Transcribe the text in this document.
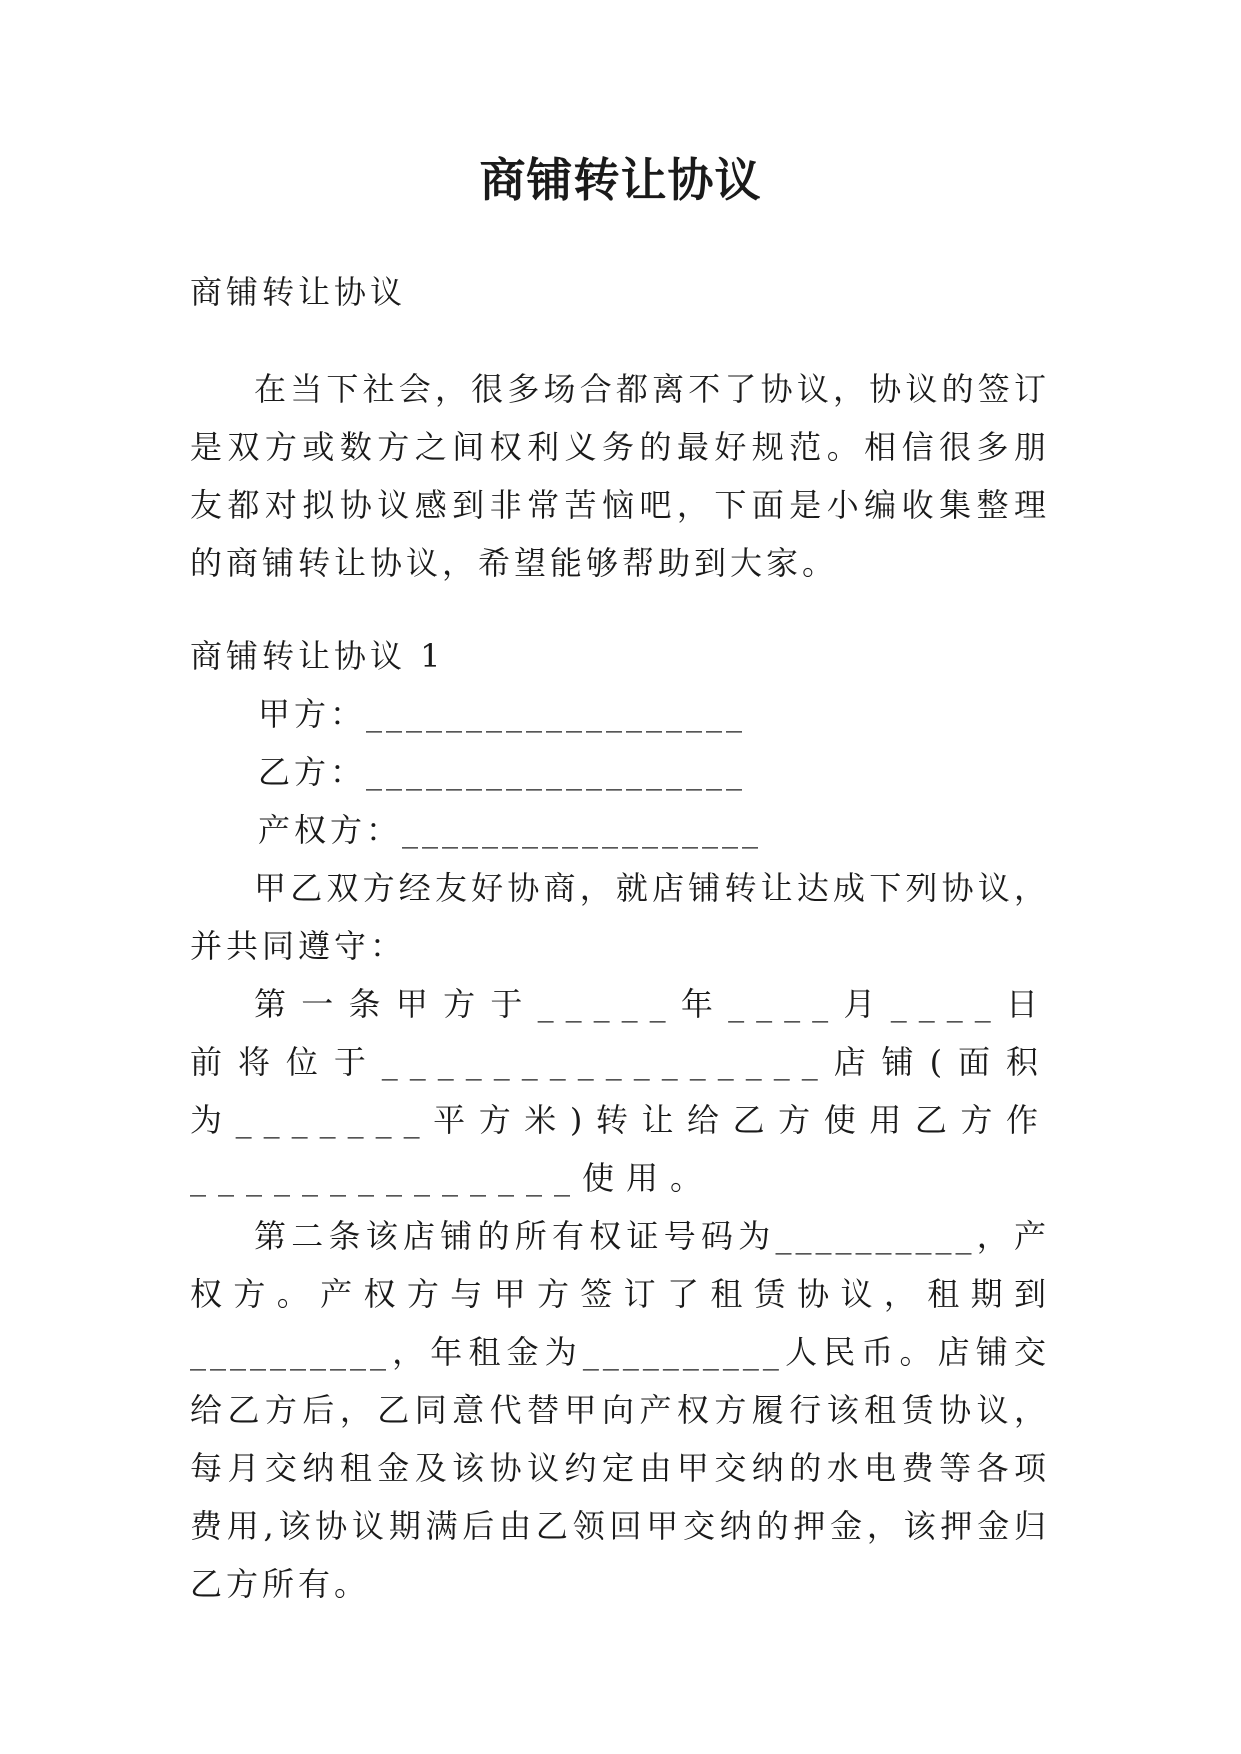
商铺转让协议

商铺转让协议

在当下社会，很多场合都离不了协议，协议的签订是双方或数方之间权利义务的最好规范。相信很多朋友都对拟协议感到非常苦恼吧，下面是小编收集整理的商铺转让协议，希望能够帮助到大家。

商铺转让协议 1

甲方：___________________

乙方：___________________

产权方：__________________

甲乙双方经友好协商，就店铺转让达成下列协议，并共同遵守：

第一条甲方于_____年____月____日前将位于________________店铺(面积为_______平方米)转让给乙方使用乙方作______________使用。

第二条该店铺的所有权证号码为__________，产权方。产权方与甲方签订了租赁协议，租期到__________，年租金为__________人民币。店铺交给乙方后，乙同意代替甲向产权方履行该租赁协议，每月交纳租金及该协议约定由甲交纳的水电费等各项费用,该协议期满后由乙领回甲交纳的押金，该押金归乙方所有。
